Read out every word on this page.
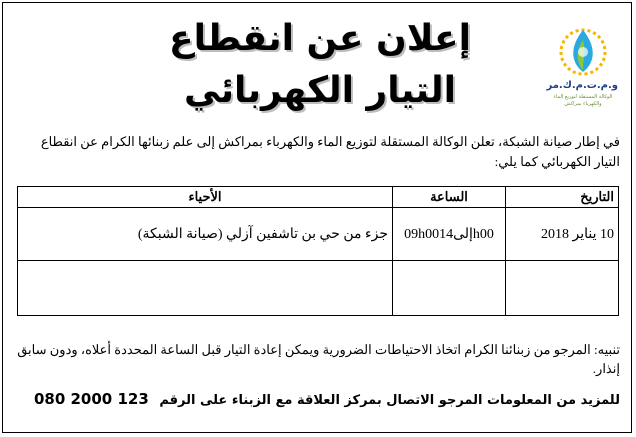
و.م.ت.م.ك.مر
الوكالة المستقلة لتوزيع الماء
والكهرباء بمراكش
إعلان عن انقطاع
التيار الكهربائي
في إطار صيانة الشبكة، تعلن الوكالة المستقلة لتوزيع الماء والكهرباء بمراكش إلى علم زبنائها الكرام عن انقطاع التيار الكهربائي كما يلي:
التاريخ	الساعة	الأحياء
10 يناير 2018	09h00إلى14h00	جزء من حي بن تاشفين آزلي (صيانة الشبكة)

تنبيه: المرجو من زبنائنا الكرام اتخاذ الاحتياطات الضرورية ويمكن إعادة التيار قبل الساعة المحددة أعلاه، ودون سابق إنذار.
للمزيد من المعلومات المرجو الاتصال بمركز العلاقة مع الزبناء على الرقم 080 2000 123
